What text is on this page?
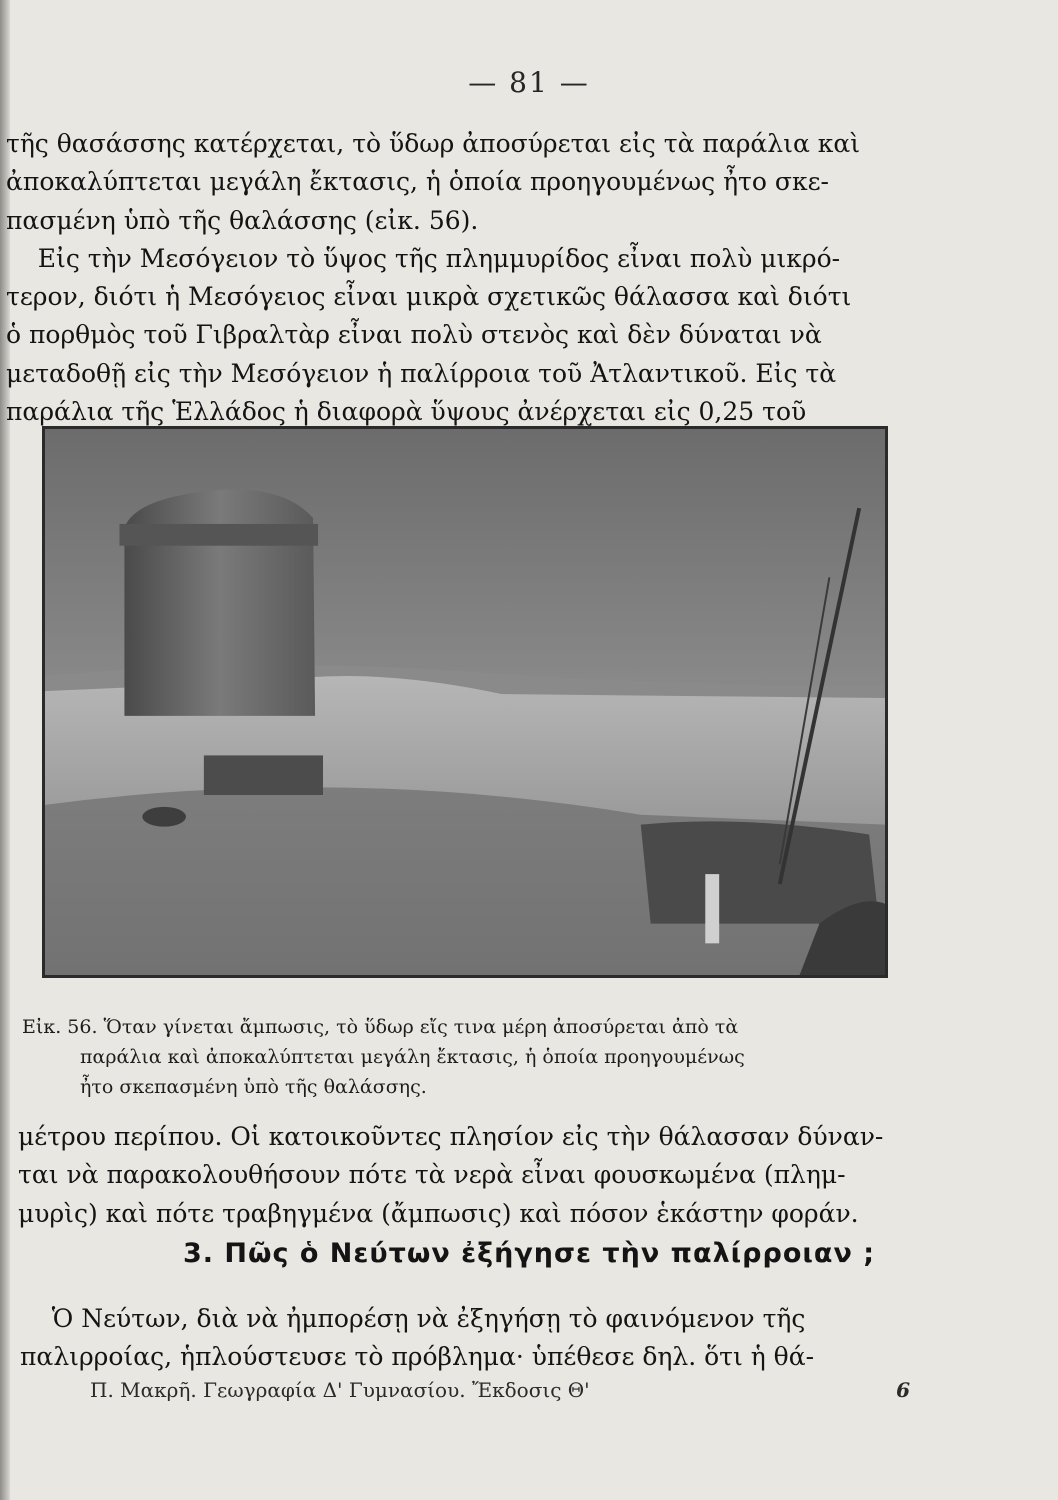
— 81 —
τῆς θασάσσης κατέρχεται, τὸ ὕδωρ ἀποσύρεται εἰς τὰ παράλια καὶ
ἀποκαλύπτεται μεγάλη ἔκτασις, ἡ ὁποία προηγουμένως ἦτο σκε-
πασμένη ὑπὸ τῆς θαλάσσης (εἰκ. 56).
Εἰς τὴν Μεσόγειον τὸ ὕψος τῆς πλημμυρίδος εἶναι πολὺ μικρό-
τερον, διότι ἡ Μεσόγειος εἶναι μικρὰ σχετικῶς θάλασσα καὶ διότι
ὁ πορθμὸς τοῦ Γιβραλτὰρ εἶναι πολὺ στενὸς καὶ δὲν δύναται νὰ
μεταδοθῇ εἰς τὴν Μεσόγειον ἡ παλίρροια τοῦ Ἀτλαντικοῦ. Εἰς τὰ
παράλια τῆς Ἑλλάδος ἡ διαφορὰ ὕψους ἀνέρχεται εἰς 0,25 τοῦ
Εἰκ. 56. Ὅταν γίνεται ἄμπωσις, τὸ ὕδωρ εἴς τινα μέρη ἀποσύρεται ἀπὸ τὰ
παράλια καὶ ἀποκαλύπτεται μεγάλη ἔκτασις, ἡ ὁποία προηγουμένως
ἦτο σκεπασμένη ὑπὸ τῆς θαλάσσης.
μέτρου περίπου. Οἱ κατοικοῦντες πλησίον εἰς τὴν θάλασσαν δύναν-
ται νὰ παρακολουθήσουν πότε τὰ νερὰ εἶναι φουσκωμένα (πλημ-
μυρὶς) καὶ πότε τραβηγμένα (ἄμπωσις) καὶ πόσον ἑκάστην φοράν.
3. Πῶς ὁ Νεύτων ἐξήγησε τὴν παλίρροιαν ;
Ὁ Νεύτων, διὰ νὰ ἠμπορέσῃ νὰ ἐξηγήσῃ τὸ φαινόμενον τῆς
παλιρροίας, ἡπλούστευσε τὸ πρόβλημα· ὑπέθεσε δηλ. ὅτι ἡ θά-
Π. Μακρῆ. Γεωγραφία Δ' Γυμνασίου. Ἔκδοσις Θ'	6
